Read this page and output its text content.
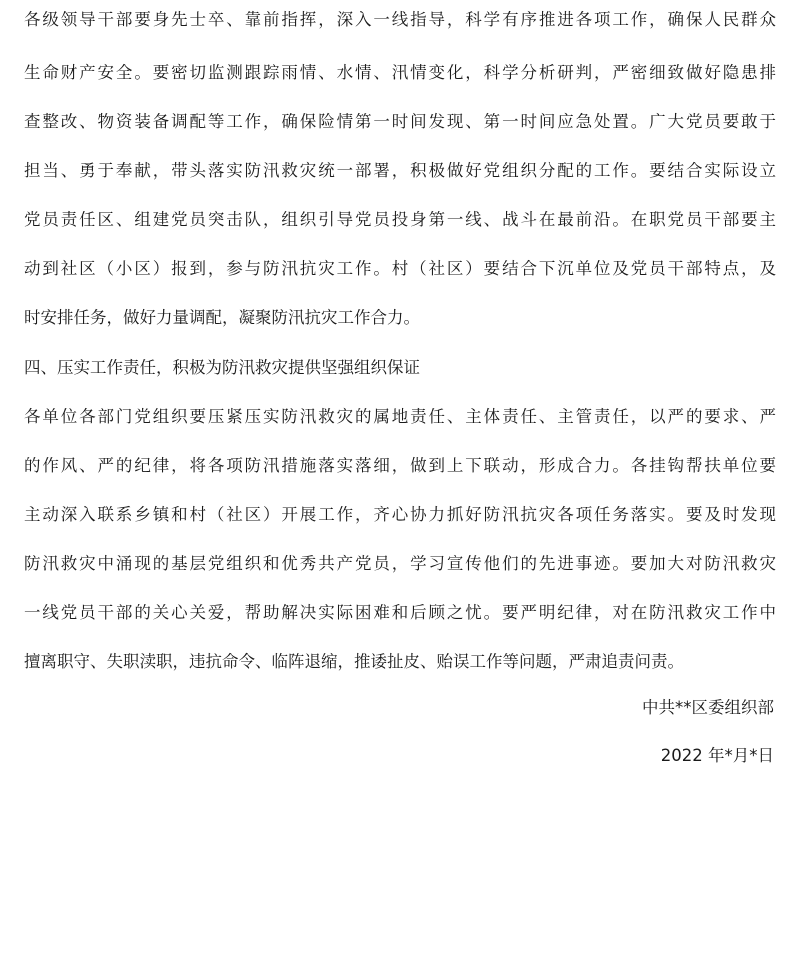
各级领导干部要身先士卒、靠前指挥，深入一线指导，科学有序推进各项工作，确保人民群众
生命财产安全。要密切监测跟踪雨情、水情、汛情变化，科学分析研判，严密细致做好隐患排
查整改、物资装备调配等工作，确保险情第一时间发现、第一时间应急处置。广大党员要敢于
担当、勇于奉献，带头落实防汛救灾统一部署，积极做好党组织分配的工作。要结合实际设立
党员责任区、组建党员突击队，组织引导党员投身第一线、战斗在最前沿。在职党员干部要主
动到社区（小区）报到，参与防汛抗灾工作。村（社区）要结合下沉单位及党员干部特点，及
时安排任务，做好力量调配，凝聚防汛抗灾工作合力。
四、压实工作责任，积极为防汛救灾提供坚强组织保证
各单位各部门党组织要压紧压实防汛救灾的属地责任、主体责任、主管责任，以严的要求、严
的作风、严的纪律，将各项防汛措施落实落细，做到上下联动，形成合力。各挂钩帮扶单位要
主动深入联系乡镇和村（社区）开展工作，齐心协力抓好防汛抗灾各项任务落实。要及时发现
防汛救灾中涌现的基层党组织和优秀共产党员，学习宣传他们的先进事迹。要加大对防汛救灾
一线党员干部的关心关爱，帮助解决实际困难和后顾之忧。要严明纪律，对在防汛救灾工作中
擅离职守、失职渎职，违抗命令、临阵退缩，推诿扯皮、贻误工作等问题，严肃追责问责。
中共**区委组织部
2022 年*月*日
